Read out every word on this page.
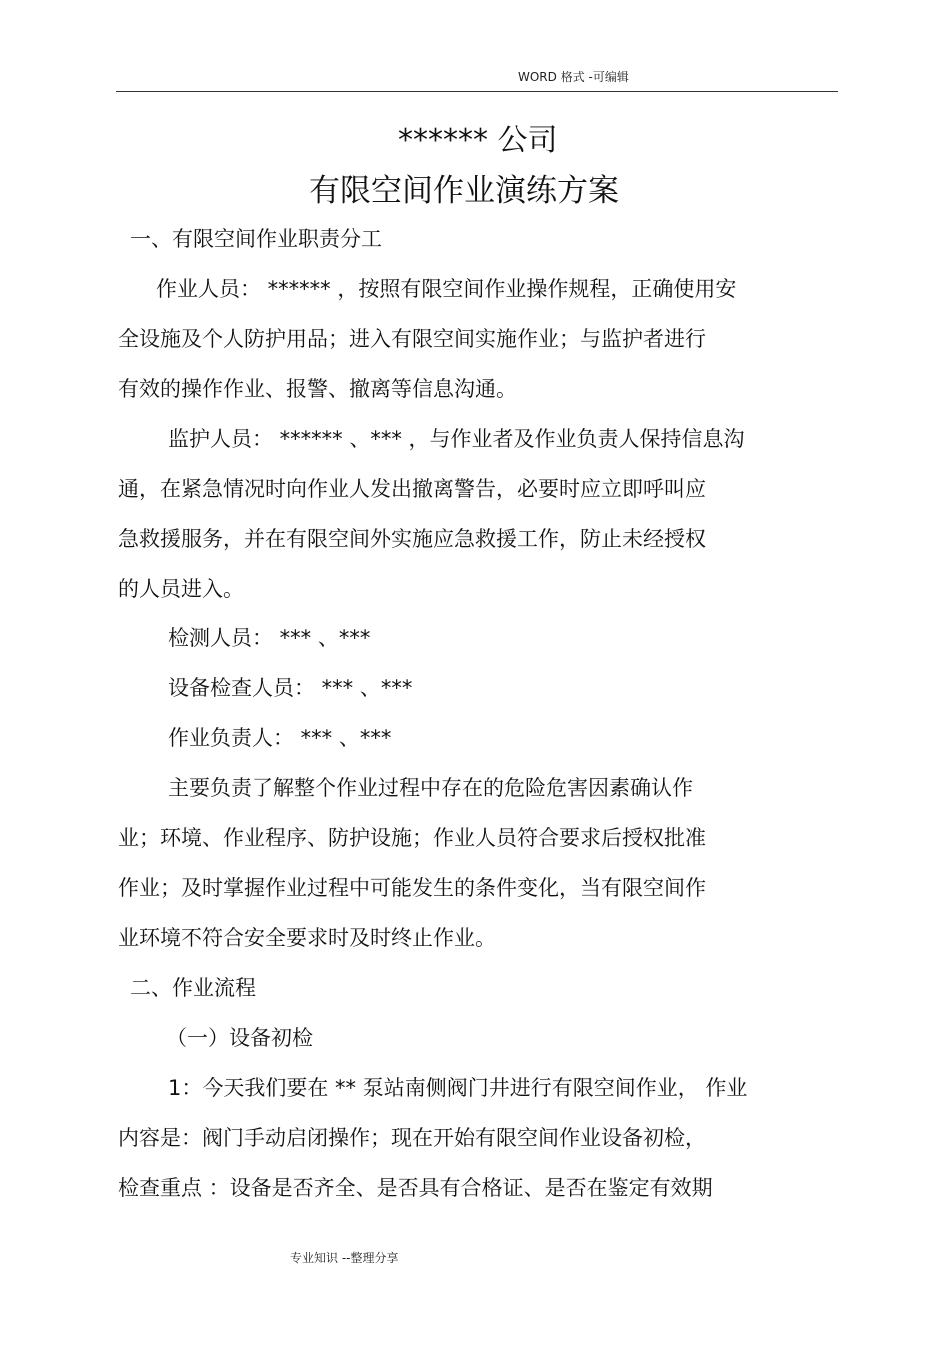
WORD 格式 -可编辑
****** 公司
有限空间作业演练方案
一、有限空间作业职责分工
作业人员： ****** ，按照有限空间作业操作规程，正确使用安
全设施及个人防护用品；进入有限空间实施作业；与监护者进行
有效的操作作业、报警、撤离等信息沟通。
监护人员： ****** 、*** ，与作业者及作业负责人保持信息沟
通，在紧急情况时向作业人发出撤离警告，必要时应立即呼叫应
急救援服务，并在有限空间外实施应急救援工作，防止未经授权
的人员进入。
检测人员： *** 、***
设备检查人员： *** 、***
作业负责人： *** 、***
主要负责了解整个作业过程中存在的危险危害因素确认作
业；环境、作业程序、防护设施；作业人员符合要求后授权批准
作业；及时掌握作业过程中可能发生的条件变化，当有限空间作
业环境不符合安全要求时及时终止作业。
二、作业流程
（一）设备初检
1：今天我们要在 ** 泵站南侧阀门井进行有限空间作业， 作业
内容是：阀门手动启闭操作；现在开始有限空间作业设备初检，
检查重点 ：设备是否齐全、是否具有合格证、是否在鉴定有效期
专业知识 --整理分享
